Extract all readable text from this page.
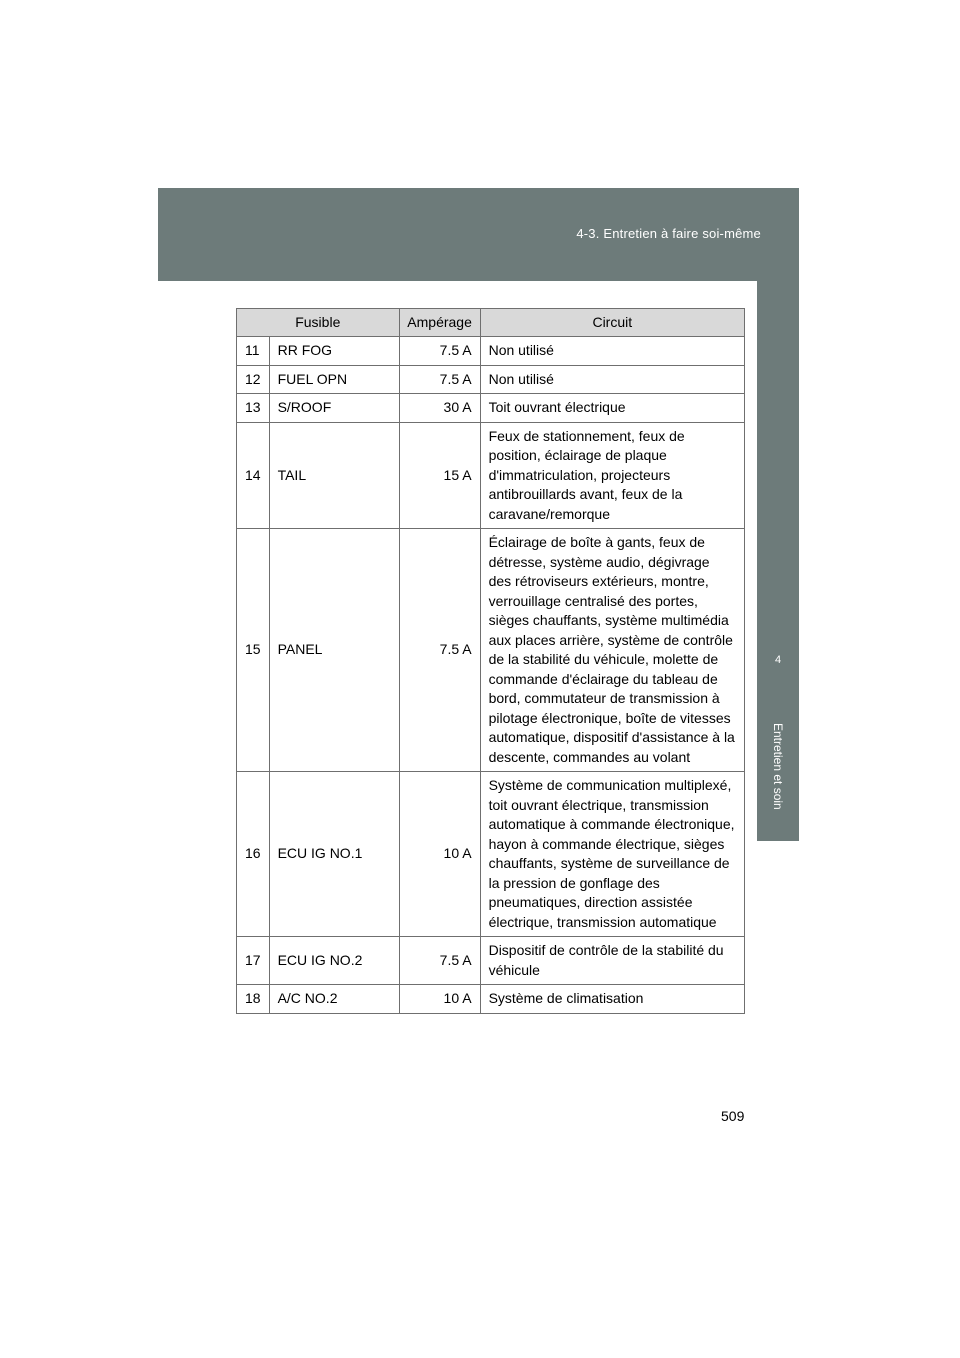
4-3. Entretien à faire soi-même
4
Entretien et soin
Fusible		Ampérage	Circuit
11	RR FOG	7.5 A	Non utilisé
12	FUEL OPN	7.5 A	Non utilisé
13	S/ROOF	30 A	Toit ouvrant électrique
14	TAIL	15 A	Feux de stationnement, feux de position, éclairage de plaque d'immatriculation, projecteurs antibrouillards avant, feux de la caravane/remorque
15	PANEL	7.5 A	Éclairage de boîte à gants, feux de détresse, système audio, dégivrage des rétroviseurs extérieurs, montre, verrouillage centralisé des portes, sièges chauffants, système multimédia aux places arrière, système de contrôle de la stabilité du véhicule, molette de commande d'éclairage du tableau de bord, commutateur de transmission à pilotage électronique, boîte de vitesses automatique, dispositif d'assistance à la descente, commandes au volant
16	ECU IG NO.1	10 A	Système de communication multiplexé, toit ouvrant électrique, transmission automatique à commande électronique, hayon à commande électrique, sièges chauffants, système de surveillance de la pression de gonflage des pneumatiques, direction assistée électrique, transmission automatique
17	ECU IG NO.2	7.5 A	Dispositif de contrôle de la stabilité du véhicule
18	A/C NO.2	10 A	Système de climatisation
509
